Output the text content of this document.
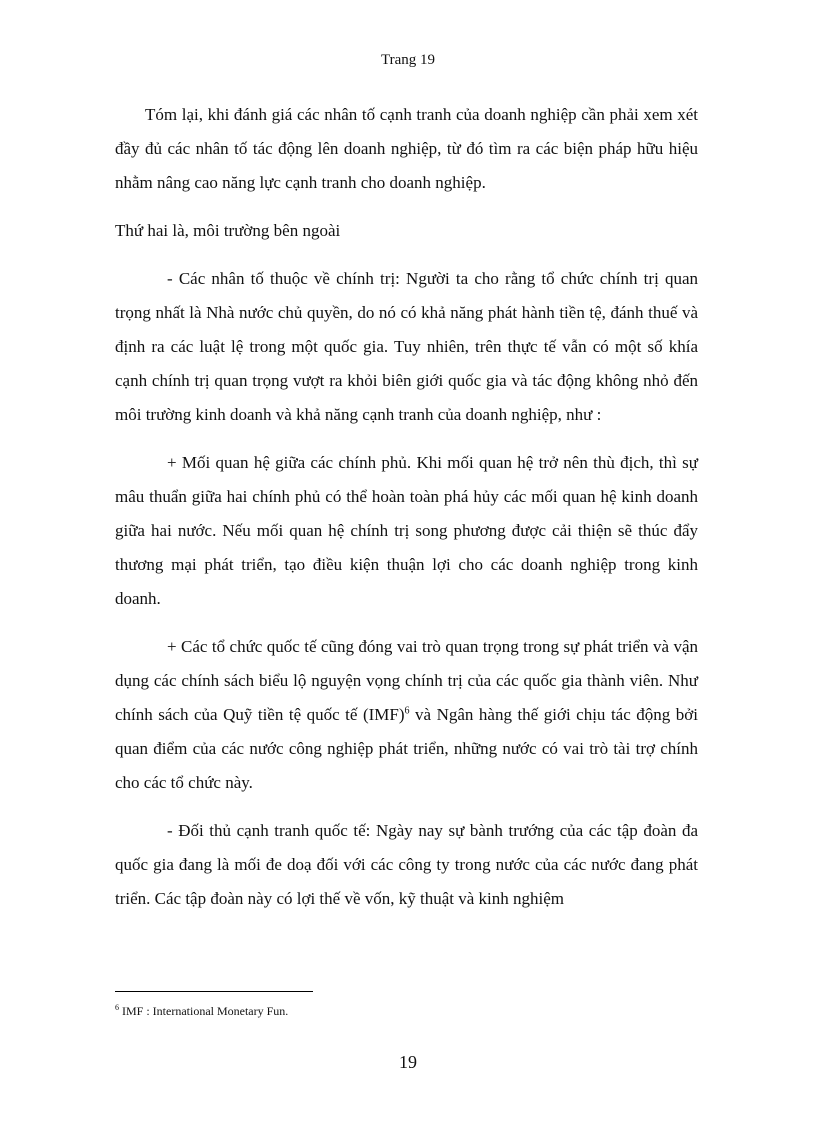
Trang 19

Tóm lại, khi đánh giá các nhân tố cạnh tranh của doanh nghiệp cần phải xem xét đầy đủ các nhân tố tác động lên doanh nghiệp, từ đó tìm ra các biện pháp hữu hiệu nhằm nâng cao năng lực cạnh tranh cho doanh nghiệp.

Thứ hai là, môi trường bên ngoài

- Các nhân tố thuộc về chính trị: Người ta cho rằng tổ chức chính trị quan trọng nhất là Nhà nước chủ quyền, do nó có khả năng phát hành tiền tệ, đánh thuế và định ra các luật lệ trong một quốc gia. Tuy nhiên, trên thực tế vẫn có một số khía cạnh chính trị quan trọng vượt ra khỏi biên giới quốc gia và tác động không nhỏ đến môi trường kinh doanh và khả năng cạnh tranh của doanh nghiệp, như :

+ Mối quan hệ giữa các chính phủ. Khi mối quan hệ trở nên thù địch, thì sự mâu thuẩn giữa hai chính phủ có thể hoàn toàn phá hủy các mối quan hệ kinh doanh giữa hai nước. Nếu mối quan hệ chính trị song phương được cải thiện sẽ thúc đẩy thương mại phát triển, tạo điều kiện thuận lợi cho các doanh nghiệp trong kinh doanh.

+ Các tổ chức quốc tế cũng đóng vai trò quan trọng trong sự phát triển và vận dụng các chính sách biểu lộ nguyện vọng chính trị của các quốc gia thành viên. Như chính sách của Quỹ tiền tệ quốc tế (IMF)$^6$ và Ngân hàng thế giới chịu tác động bởi quan điểm của các nước công nghiệp phát triển, những nước có vai trò tài trợ chính cho các tổ chức này.

- Đối thủ cạnh tranh quốc tế: Ngày nay sự bành trướng của các tập đoàn đa quốc gia đang là mối đe doạ đối với các công ty trong nước của các nước đang phát triển. Các tập đoàn này có lợi thế về vốn, kỹ thuật và kinh nghiệm

$^6$ IMF : International Monetary Fun.
19
